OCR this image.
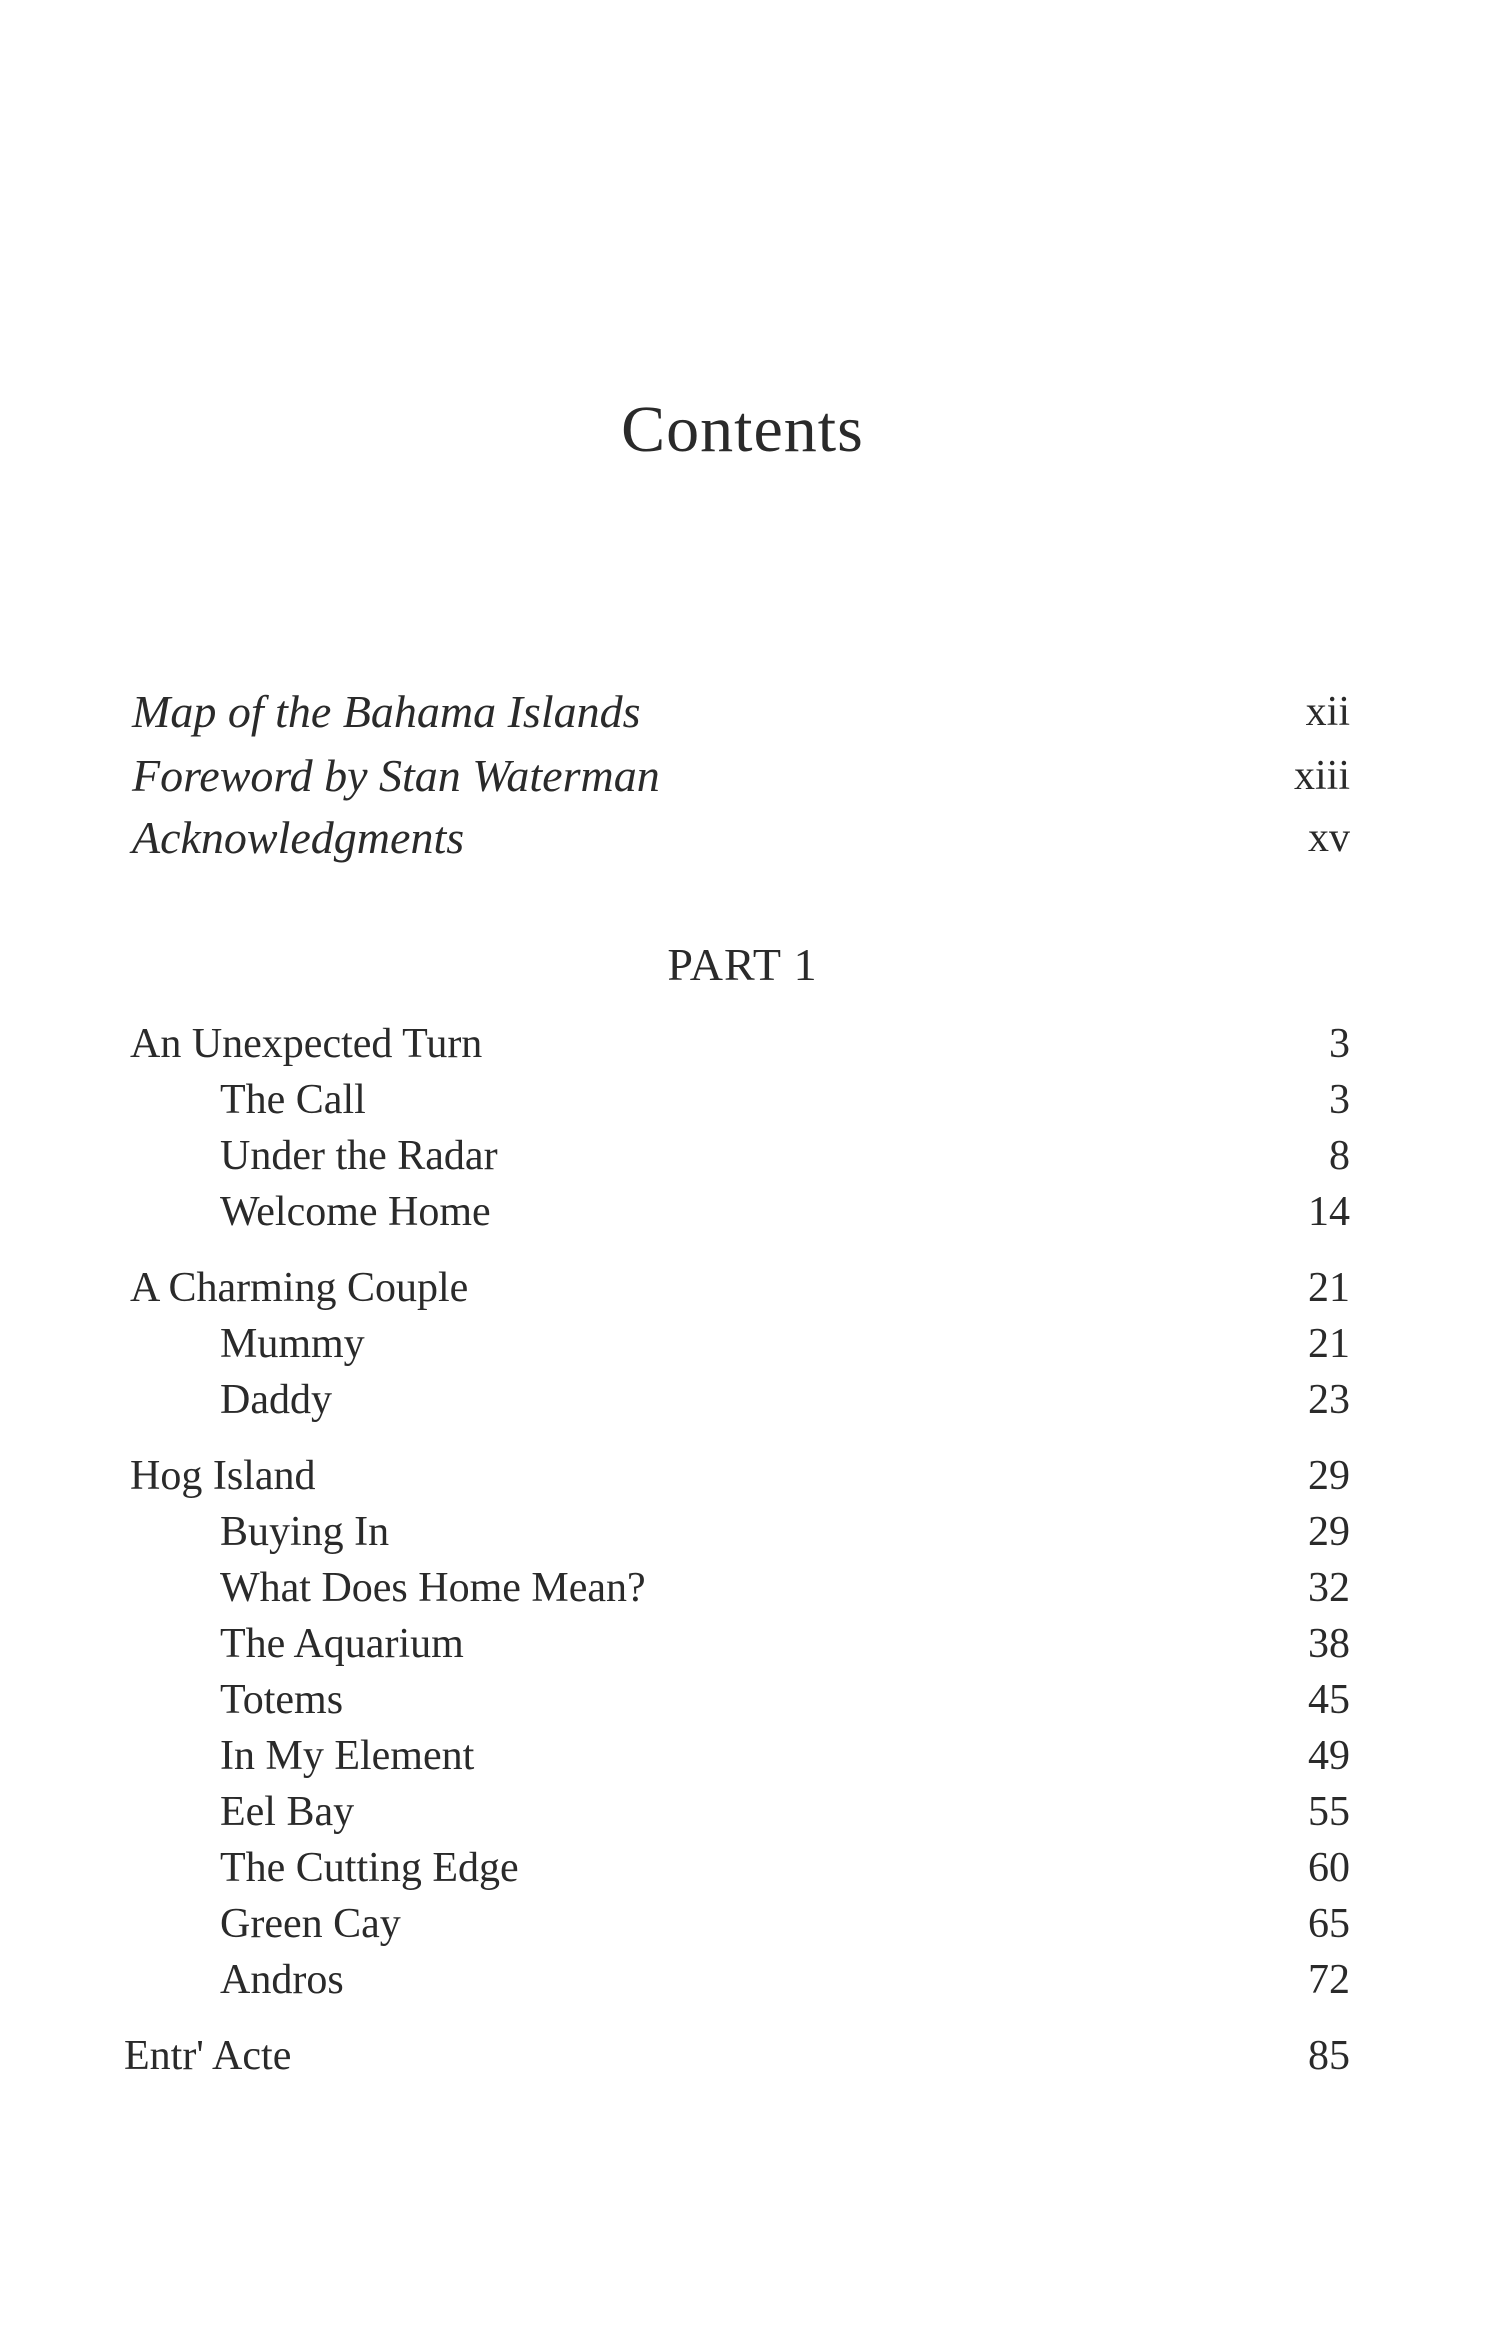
Contents
Map of the Bahama Islands	xii
Foreword by Stan Waterman	xiii
Acknowledgments	xv
PART 1
An Unexpected Turn	3
The Call	3
Under the Radar	8
Welcome Home	14
A Charming Couple	21
Mummy	21
Daddy	23
Hog Island	29
Buying In	29
What Does Home Mean?	32
The Aquarium	38
Totems	45
In My Element	49
Eel Bay	55
The Cutting Edge	60
Green Cay	65
Andros	72
Entr' Acte	85
